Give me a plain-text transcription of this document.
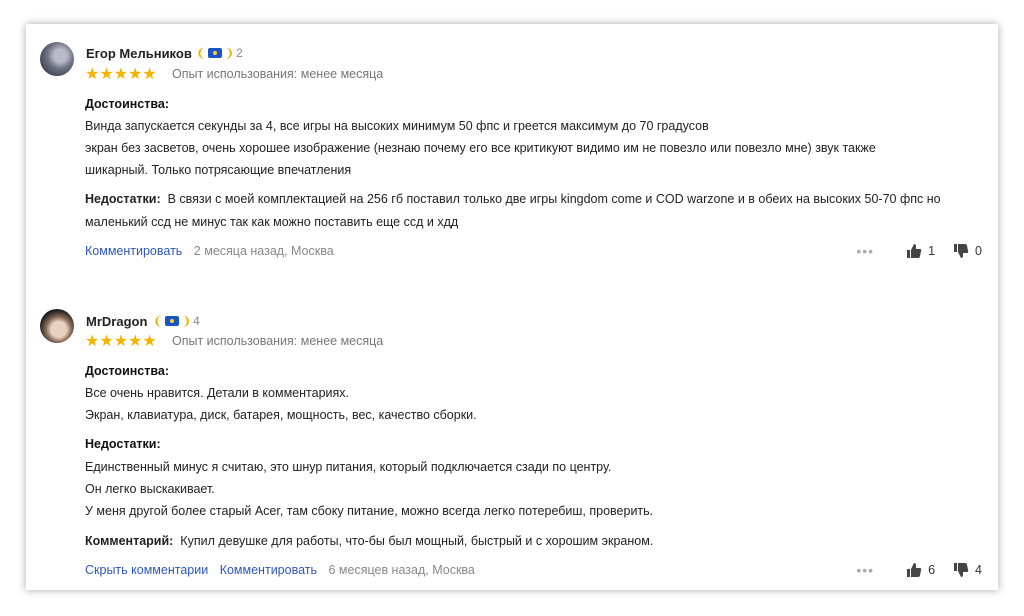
Егор Мельников ❨ ❩ 2
★★★★★ Опыт использования: менее месяца
Достоинства:
Винда запускается секунды за 4, все игры на высоких минимум 50 фпс и греется максимум до 70 градусов
экран без засветов, очень хорошее изображение (незнаю почему его все критикуют видимо им не повезло или повезло мне) звук также
шикарный. Только потрясающие впечатления
Недостатки: В связи с моей комплектацией на 256 гб поставил только две игры kingdom come и COD warzone и в обеих на высоких 50-70 фпс но маленький ссд не минус так как можно поставить еще ссд и хдд
Комментировать 2 месяца назад, Москва	•••	1	0
MrDragon ❨ ❩ 4
★★★★★ Опыт использования: менее месяца
Достоинства:
Все очень нравится. Детали в комментариях.
Экран, клавиатура, диск, батарея, мощность, вес, качество сборки.
Недостатки:
Единственный минус я считаю, это шнур питания, который подключается сзади по центру.
Он легко выскакивает.
У меня другой более старый Acer, там сбоку питание, можно всегда легко потеребиш, проверить.
Комментарий: Купил девушке для работы, что-бы был мощный, быстрый и с хорошим экраном.
Скрыть комментарии Комментировать 6 месяцев назад, Москва	•••	6	4
